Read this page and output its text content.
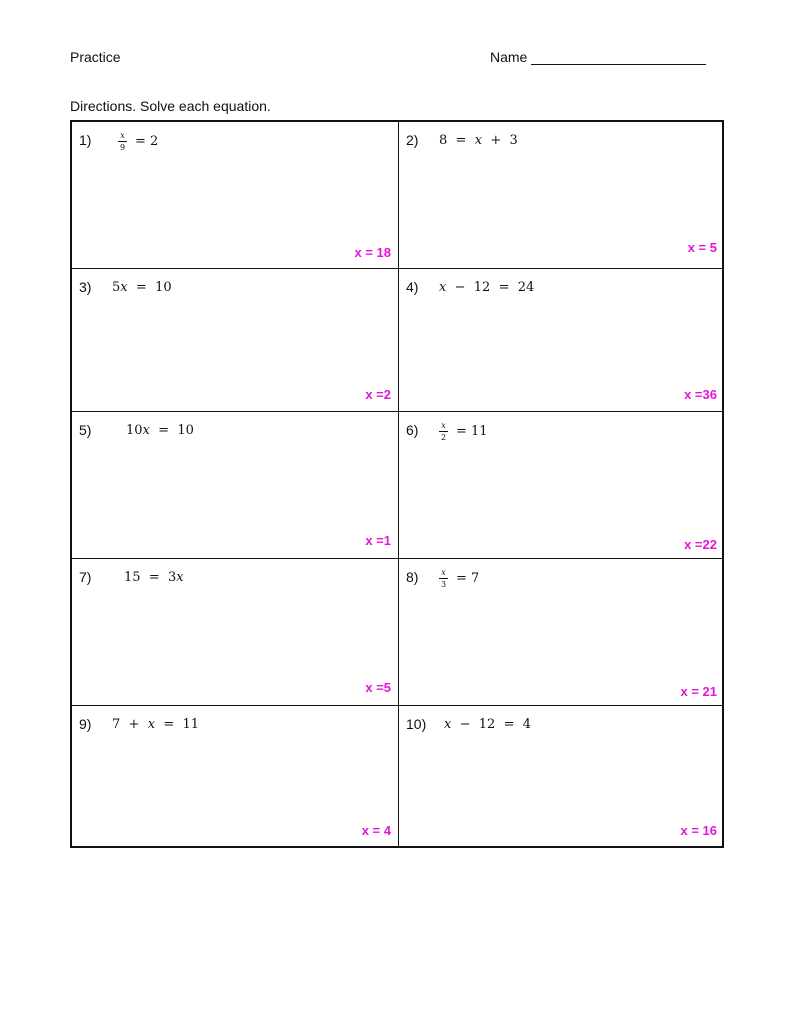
Practice	Name
Directions. Solve each equation.
1)	$\frac{x}{9} = 2$
x = 18
2) 8 = x + 3
x = 5
3) 5x = 10
x =2
4) x − 12 = 24
x =36
5)	10x = 10
x =1
6)	$\frac{x}{2} = 11$
x =22
7)	15 = 3x
x =5
8)	$\frac{x}{3} = 7$
x = 21
9) 7 + x = 11
x = 4
10) x − 12 = 4
x = 16
